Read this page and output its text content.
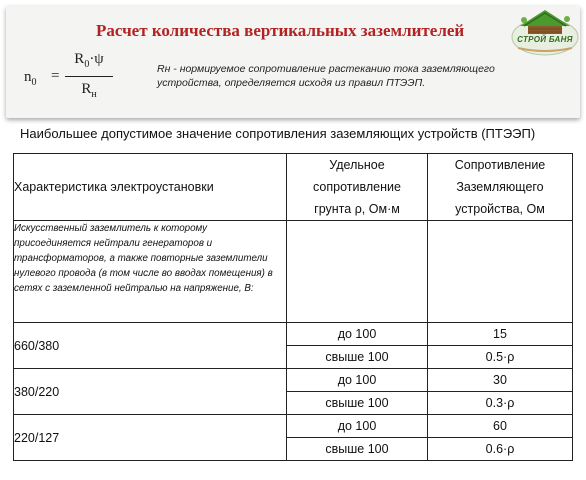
Расчет количества вертикальных заземлителей	СТРОЙ БАНЯ
$n_0$ =
$R_0\cdot\psi$
$R_н$
Rн - нормируемое сопротивление растеканию тока заземляющего устройства, определяется исходя из правил ПТЭЭП.
Наибольшее допустимое значение сопротивления заземляющих устройств (ПТЭЭП)
Характеристика электроустановки	Удельное
сопротивление
грунта ρ, Ом·м	Сопротивление
Заземляющего
устройства, Ом
Искусственный заземлитель к которому присоединяется нейтрали генераторов и трансформаторов, а также повторные заземлители нулевого провода (в том числе во вводах помещения) в сетях с заземленной нейтралью на напряжение, В:		
660/380	до 100	15
	свыше 100	0.5·ρ
380/220	до 100	30
	свыше 100	0.3·ρ
220/127	до 100	60
	свыше 100	0.6·ρ
